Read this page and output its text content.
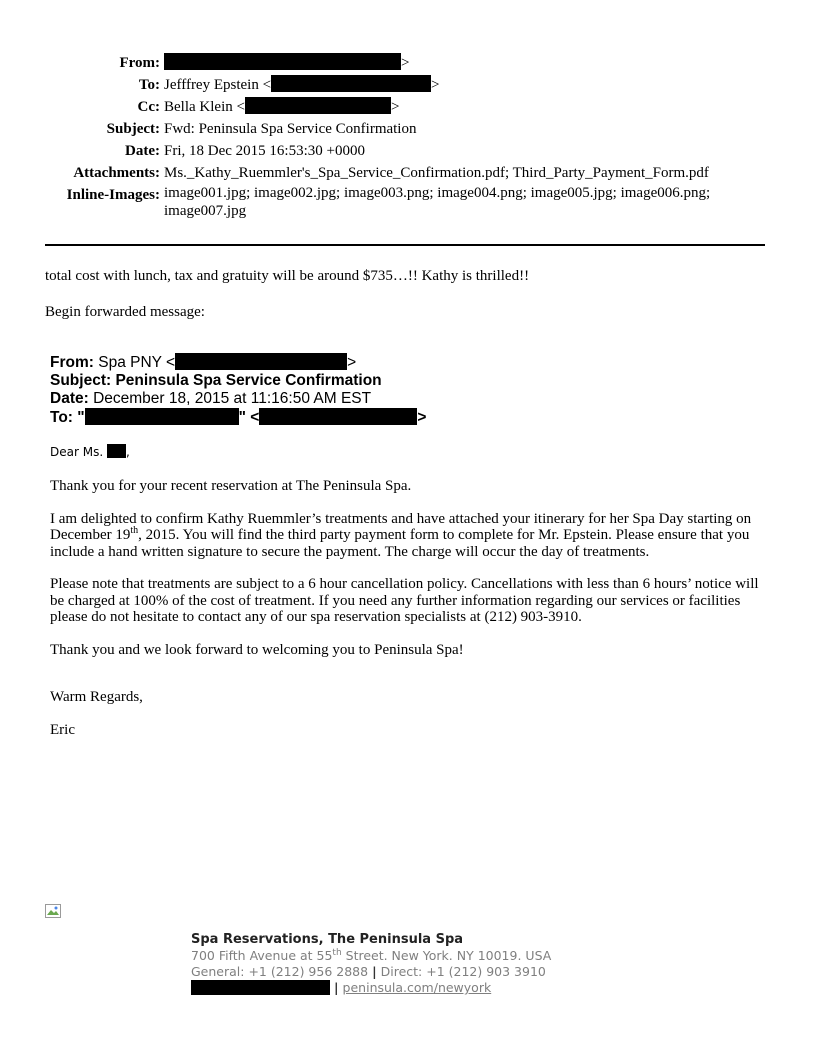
From:	>
To: Jefffrey Epstein <	>
Cc: Bella Klein <	>
Subject: Fwd: Peninsula Spa Service Confirmation
Date: Fri, 18 Dec 2015 16:53:30 +0000
Attachments: Ms._Kathy_Ruemmler's_Spa_Service_Confirmation.pdf; Third_Party_Payment_Form.pdf
Inline-Images: image001.jpg; image002.jpg; image003.png; image004.png; image005.jpg; image006.png;
image007.jpg

total cost with lunch, tax and gratuity will be around $735…!! Kathy is thrilled!!

Begin forwarded message:

From: Spa PNY <	>
Subject: Peninsula Spa Service Confirmation
Date: December 18, 2015 at 11:16:50 AM EST
To: "	" <	>
Dear Ms. ,

Thank you for your recent reservation at The Peninsula Spa.

I am delighted to confirm Kathy Ruemmler’s treatments and have attached your itinerary for her Spa Day starting on December 19th, 2015. You will find the third party payment form to complete for Mr. Epstein. Please ensure that you include a hand written signature to secure the payment. The charge will occur the day of treatments.

Please note that treatments are subject to a 6 hour cancellation policy. Cancellations with less than 6 hours’ notice will be charged at 100% of the cost of treatment. If you need any further information regarding our services or facilities please do not hesitate to contact any of our spa reservation specialists at (212) 903-3910.

Thank you and we look forward to welcoming you to Peninsula Spa!

Warm Regards,

Eric

Spa Reservations, The Peninsula Spa
700 Fifth Avenue at 55th Street. New York. NY 10019. USA
General: +1 (212) 956 2888 | Direct: +1 (212) 903 3910
| peninsula.com/newyork
